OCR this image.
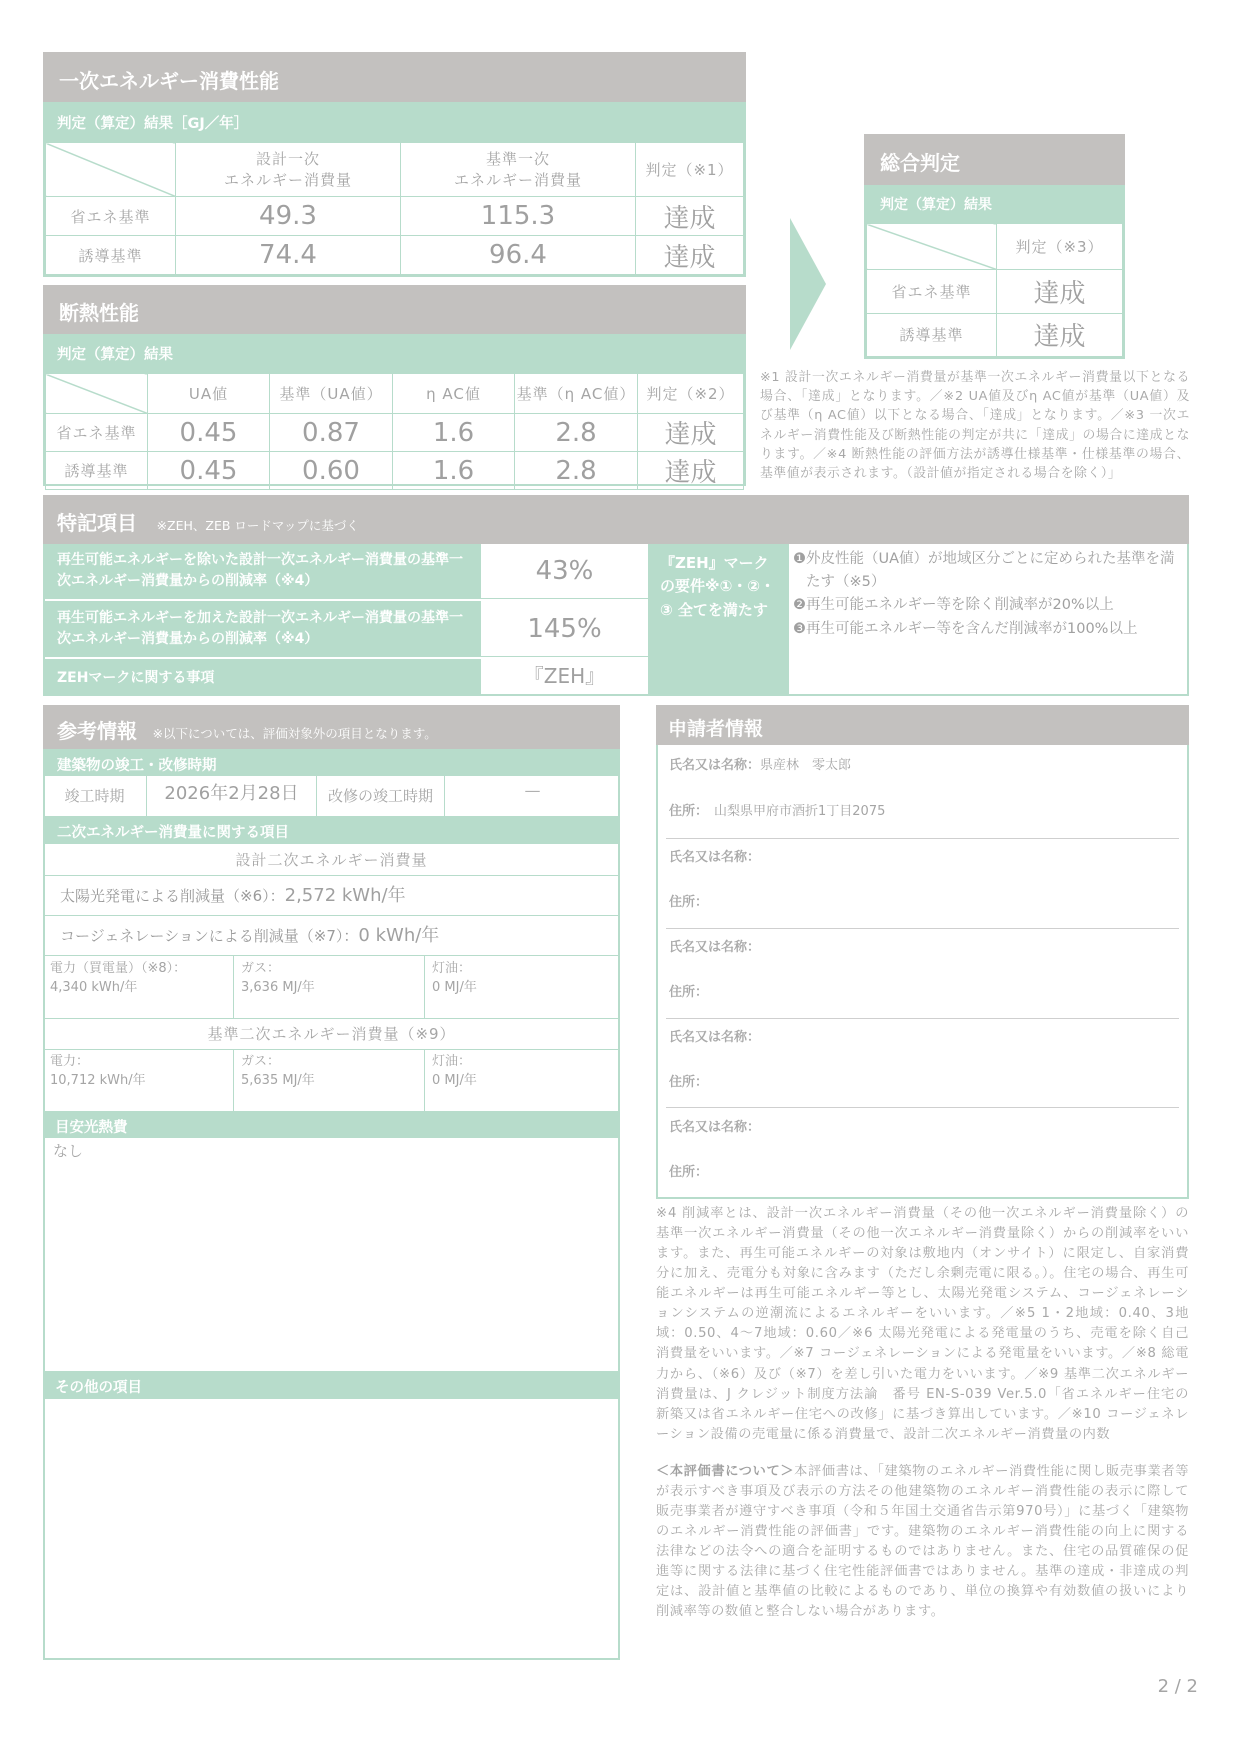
一次エネルギー消費性能
判定（算定）結果［GJ／年］
	設計一次
エネルギー消費量	基準一次
エネルギー消費量	判定（※1）
省エネ基準	49.3	115.3	達成
誘導基準	74.4	96.4	達成
断熱性能
判定（算定）結果
	UA値	基準（UA値）	η AC値	基準（η AC値）	判定（※2）
省エネ基準	0.45	0.87	1.6	2.8	達成
誘導基準	0.45	0.60	1.6	2.8	達成
総合判定
判定（算定）結果
	判定（※3）
省エネ基準	達成
誘導基準	達成
※1 設計一次エネルギー消費量が基準一次エネルギー消費量以下となる場合、「達成」となります。／※2 UA値及びη AC値が基準（UA値）及び基準（η AC値）以下となる場合、「達成」となります。／※3 一次エネルギー消費性能及び断熱性能の判定が共に「達成」の場合に達成となります。／※4 断熱性能の評価方法が誘導仕様基準・仕様基準の場合、基準値が表示されます。（設計値が指定される場合を除く）」
特記項目 ※ZEH、ZEB ロードマップに基づく
再生可能エネルギーを除いた設計一次エネルギー消費量の基準一次エネルギー消費量からの削減率（※4）	43%
再生可能エネルギーを加えた設計一次エネルギー消費量の基準一次エネルギー消費量からの削減率（※4）	145%
ZEHマークに関する事項	『ZEH』
『ZEH』マークの要件※①・②・③ 全てを満たす
❶ 外皮性能（UA値）が地域区分ごとに定められた基準を満たす（※5）
❷ 再生可能エネルギー等を除く削減率が20%以上
❸ 再生可能エネルギー等を含んだ削減率が100%以上
参考情報 ※以下については、評価対象外の項目となります。
建築物の竣工・改修時期
竣工時期	2026年2月28日	改修の竣工時期	—
二次エネルギー消費量に関する項目
設計二次エネルギー消費量
太陽光発電による削減量（※6）：2,572 kWh/年
コージェネレーションによる削減量（※7）：0 kWh/年
電力（買電量）（※8）：
4,340 kWh/年
ガス：
3,636 MJ/年
灯油：
0 MJ/年
基準二次エネルギー消費量（※9）
電力：
10,712 kWh/年
ガス：
5,635 MJ/年
灯油：
0 MJ/年
目安光熱費
なし
その他の項目
申請者情報
氏名又は名称：県産林　零太郎
住所： 山梨県甲府市酒折1丁目2075
氏名又は名称：
住所：
氏名又は名称：
住所：
氏名又は名称：
住所：
氏名又は名称：
住所：
※4 削減率とは、設計一次エネルギー消費量（その他一次エネルギー消費量除く）の基準一次エネルギー消費量（その他一次エネルギー消費量除く）からの削減率をいいます。また、再生可能エネルギーの対象は敷地内（オンサイト）に限定し、自家消費分に加え、売電分も対象に含みます（ただし余剰売電に限る。）。住宅の場合、再生可能エネルギーは再生可能エネルギー等とし、太陽光発電システム、コージェネレーションシステムの逆潮流によるエネルギーをいいます。／※5 1・2地域：0.40、3地域：0.50、4～7地域：0.60／※6 太陽光発電による発電量のうち、売電を除く自己消費量をいいます。／※7 コージェネレーションによる発電量をいいます。／※8 総電力から、（※6）及び（※7）を差し引いた電力をいいます。／※9 基準二次エネルギー消費量は、J クレジット制度方法論　番号 EN-S-039 Ver.5.0「省エネルギー住宅の新築又は省エネルギー住宅への改修」に基づき算出しています。／※10 コージェネレーション設備の売電量に係る消費量で、設計二次エネルギー消費量の内数
＜本評価書について＞本評価書は、「建築物のエネルギー消費性能に関し販売事業者等が表示すべき事項及び表示の方法その他建築物のエネルギー消費性能の表示に際して販売事業者が遵守すべき事項（令和５年国土交通省告示第970号）」に基づく「建築物のエネルギー消費性能の評価書」です。建築物のエネルギー消費性能の向上に関する法律などの法令への適合を証明するものではありません。また、住宅の品質確保の促進等に関する法律に基づく住宅性能評価書ではありません。基準の達成・非達成の判定は、設計値と基準値の比較によるものであり、単位の換算や有効数値の扱いにより削減率等の数値と整合しない場合があります。
2 / 2
